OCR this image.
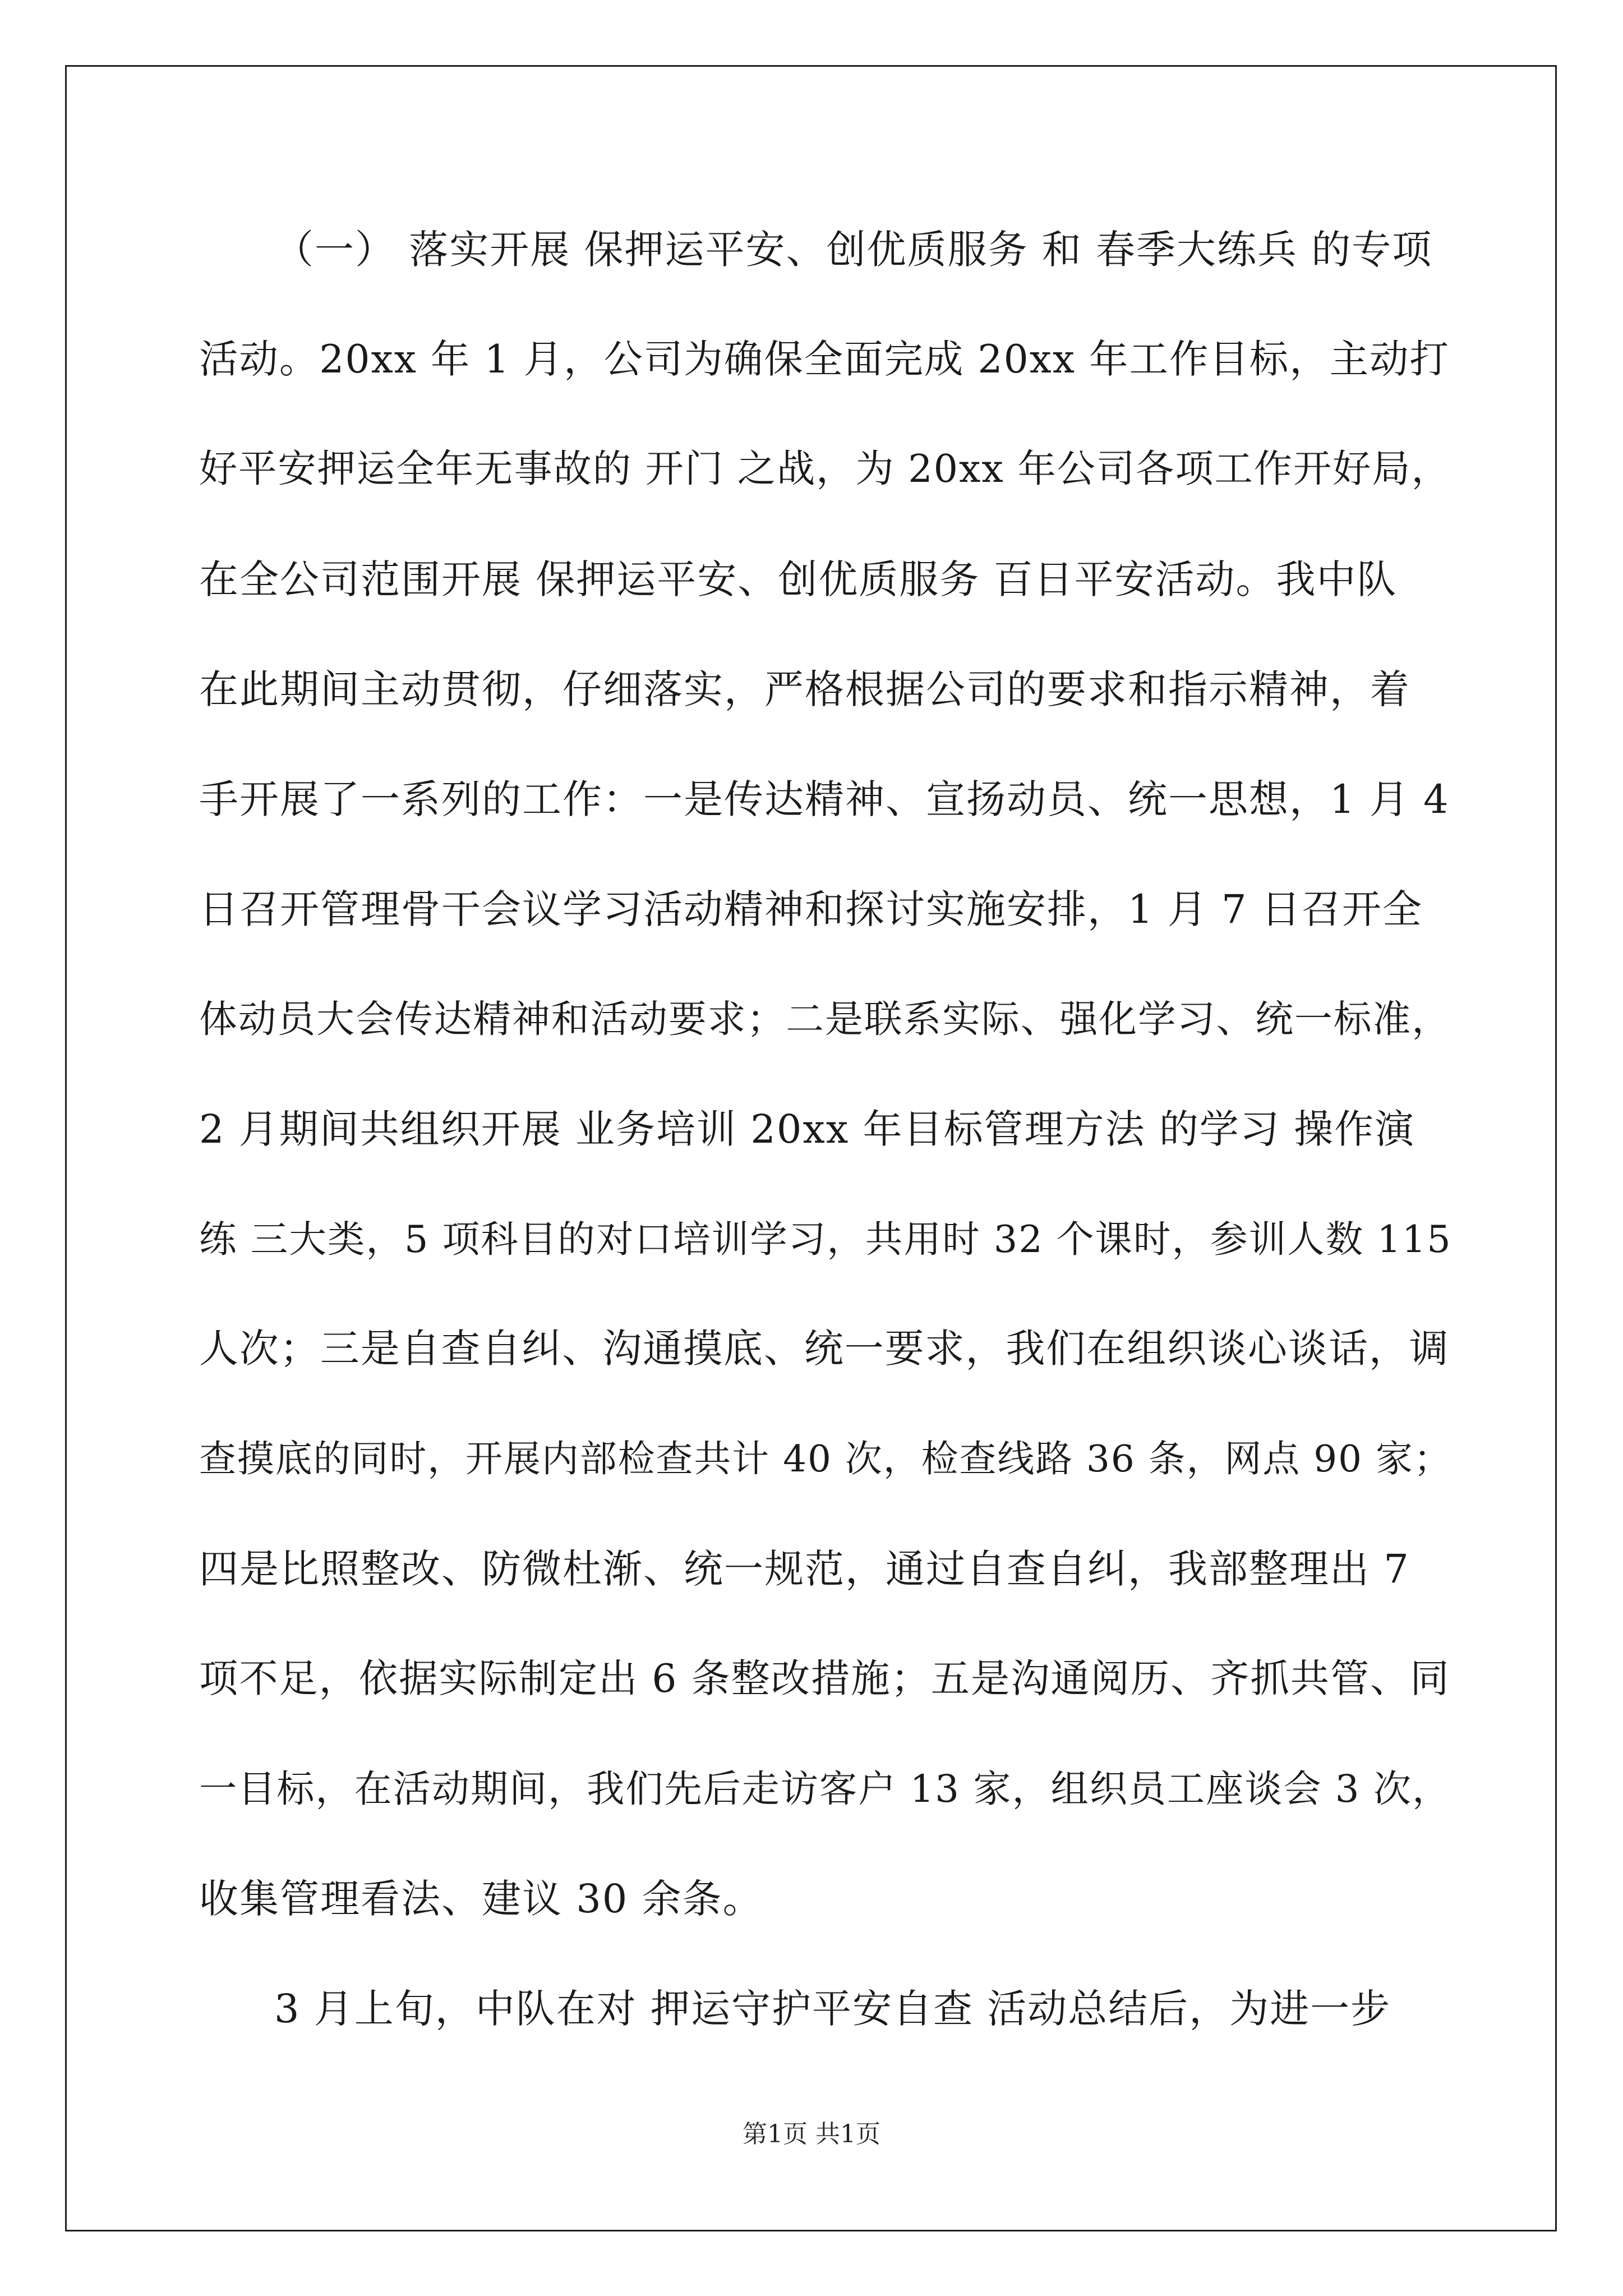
（一） 落实开展 保押运平安、创优质服务 和 春季大练兵 的专项
活动。20xx 年 1 月，公司为确保全面完成 20xx 年工作目标，主动打
好平安押运全年无事故的 开门 之战，为 20xx 年公司各项工作开好局，
在全公司范围开展 保押运平安、创优质服务 百日平安活动。我中队
在此期间主动贯彻，仔细落实，严格根据公司的要求和指示精神，着
手开展了一系列的工作：一是传达精神、宣扬动员、统一思想，1 月 4
日召开管理骨干会议学习活动精神和探讨实施安排，1 月 7 日召开全
体动员大会传达精神和活动要求；二是联系实际、强化学习、统一标准，
2 月期间共组织开展 业务培训 20xx 年目标管理方法 的学习 操作演
练 三大类，5 项科目的对口培训学习，共用时 32 个课时，参训人数 115
人次；三是自查自纠、沟通摸底、统一要求，我们在组织谈心谈话，调
查摸底的同时，开展内部检查共计 40 次，检查线路 36 条，网点 90 家；
四是比照整改、防微杜渐、统一规范，通过自查自纠，我部整理出 7
项不足，依据实际制定出 6 条整改措施；五是沟通阅历、齐抓共管、同
一目标，在活动期间，我们先后走访客户 13 家，组织员工座谈会 3 次，
收集管理看法、建议 30 余条。
3 月上旬，中队在对 押运守护平安自查 活动总结后，为进一步
第1页 共1页
